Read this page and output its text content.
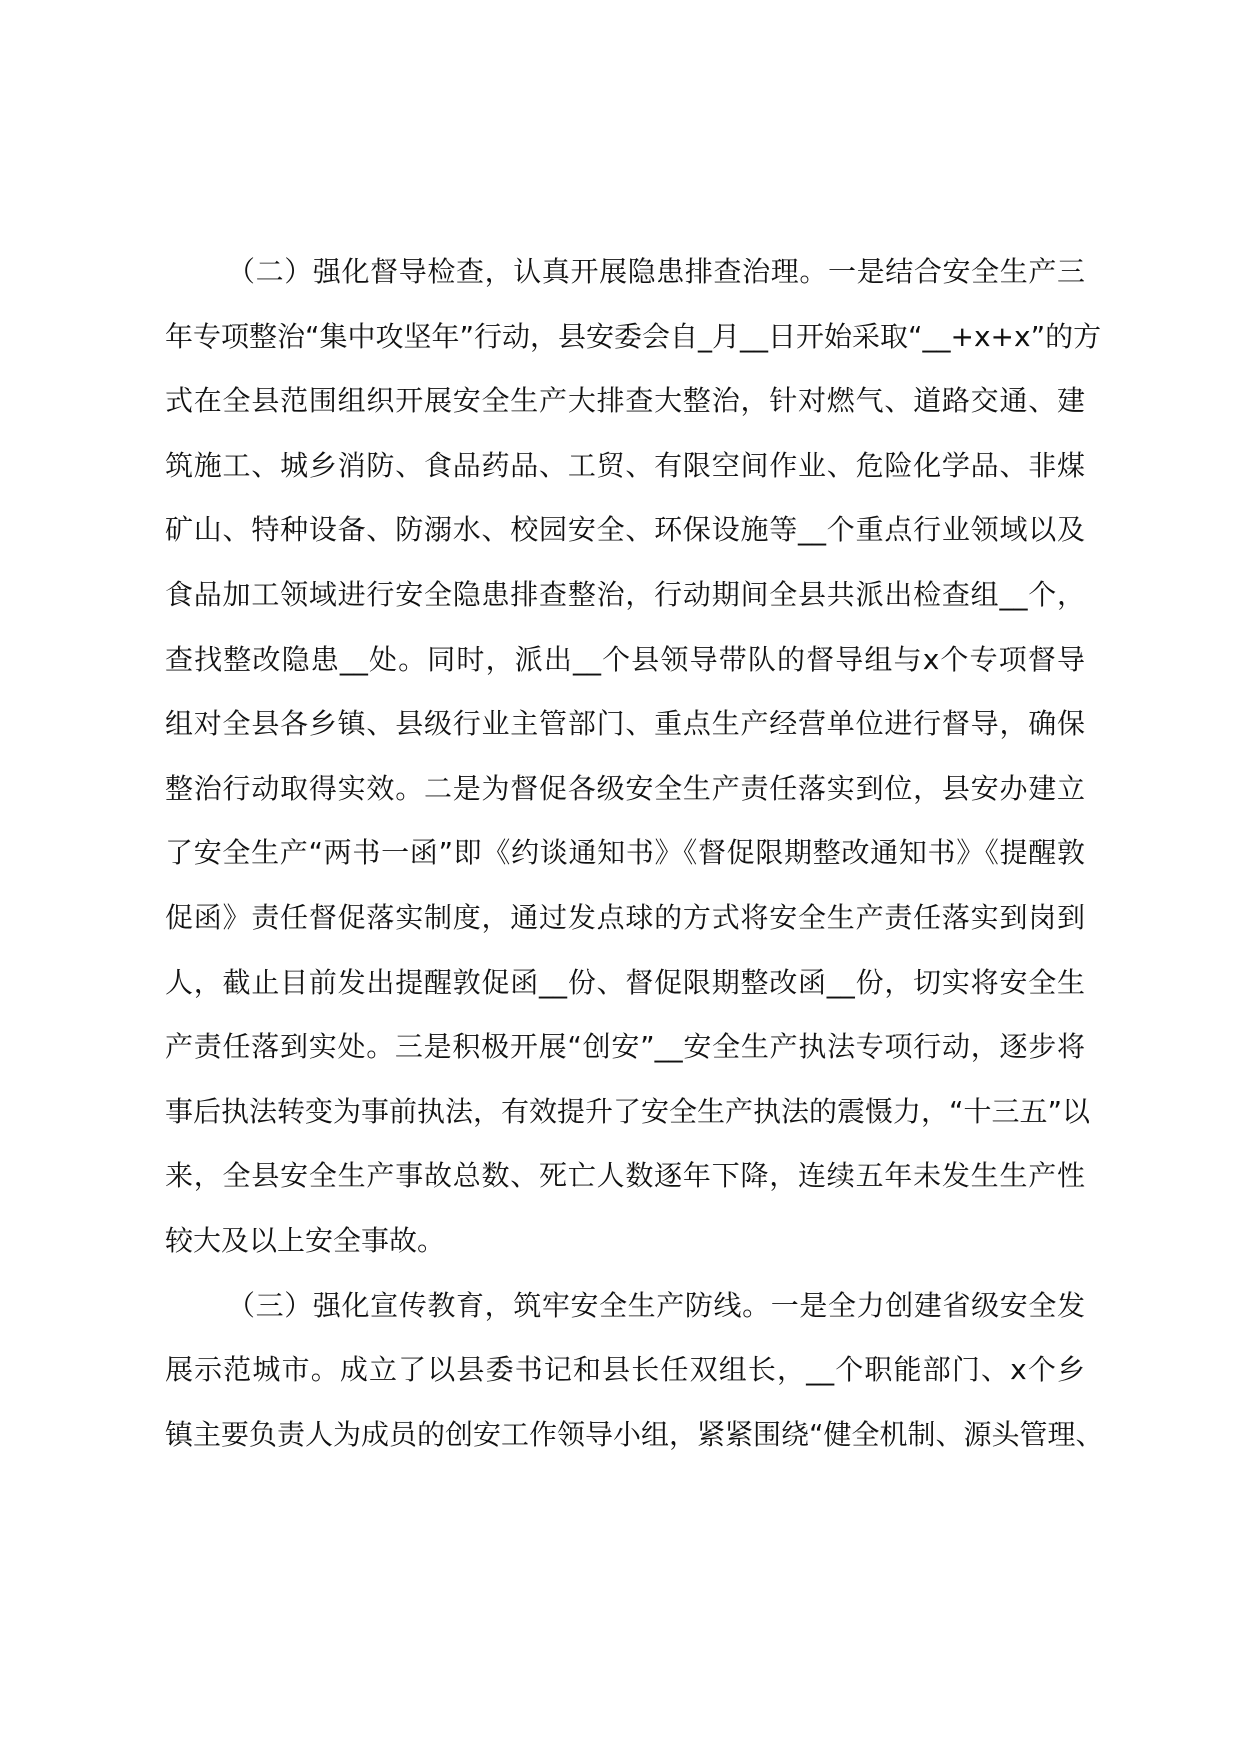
（二）强化督导检查，认真开展隐患排查治理。一是结合安全生产三
年专项整治“集中攻坚年”行动，县安委会自_月__日开始采取“__+x+x”的方
式在全县范围组织开展安全生产大排查大整治，针对燃气、道路交通、建
筑施工、城乡消防、食品药品、工贸、有限空间作业、危险化学品、非煤
矿山、特种设备、防溺水、校园安全、环保设施等__个重点行业领域以及
食品加工领域进行安全隐患排查整治，行动期间全县共派出检查组__个，
查找整改隐患__处。同时，派出__个县领导带队的督导组与x个专项督导
组对全县各乡镇、县级行业主管部门、重点生产经营单位进行督导，确保
整治行动取得实效。二是为督促各级安全生产责任落实到位，县安办建立
了安全生产“两书一函”即《约谈通知书》《督促限期整改通知书》《提醒敦
促函》责任督促落实制度，通过发点球的方式将安全生产责任落实到岗到
人，截止目前发出提醒敦促函__份、督促限期整改函__份，切实将安全生
产责任落到实处。三是积极开展“创安”__安全生产执法专项行动，逐步将
事后执法转变为事前执法，有效提升了安全生产执法的震慑力，“十三五”以
来，全县安全生产事故总数、死亡人数逐年下降，连续五年未发生生产性
较大及以上安全事故。
（三）强化宣传教育，筑牢安全生产防线。一是全力创建省级安全发
展示范城市。成立了以县委书记和县长任双组长，__个职能部门、x个乡
镇主要负责人为成员的创安工作领导小组，紧紧围绕“健全机制、源头管理、
